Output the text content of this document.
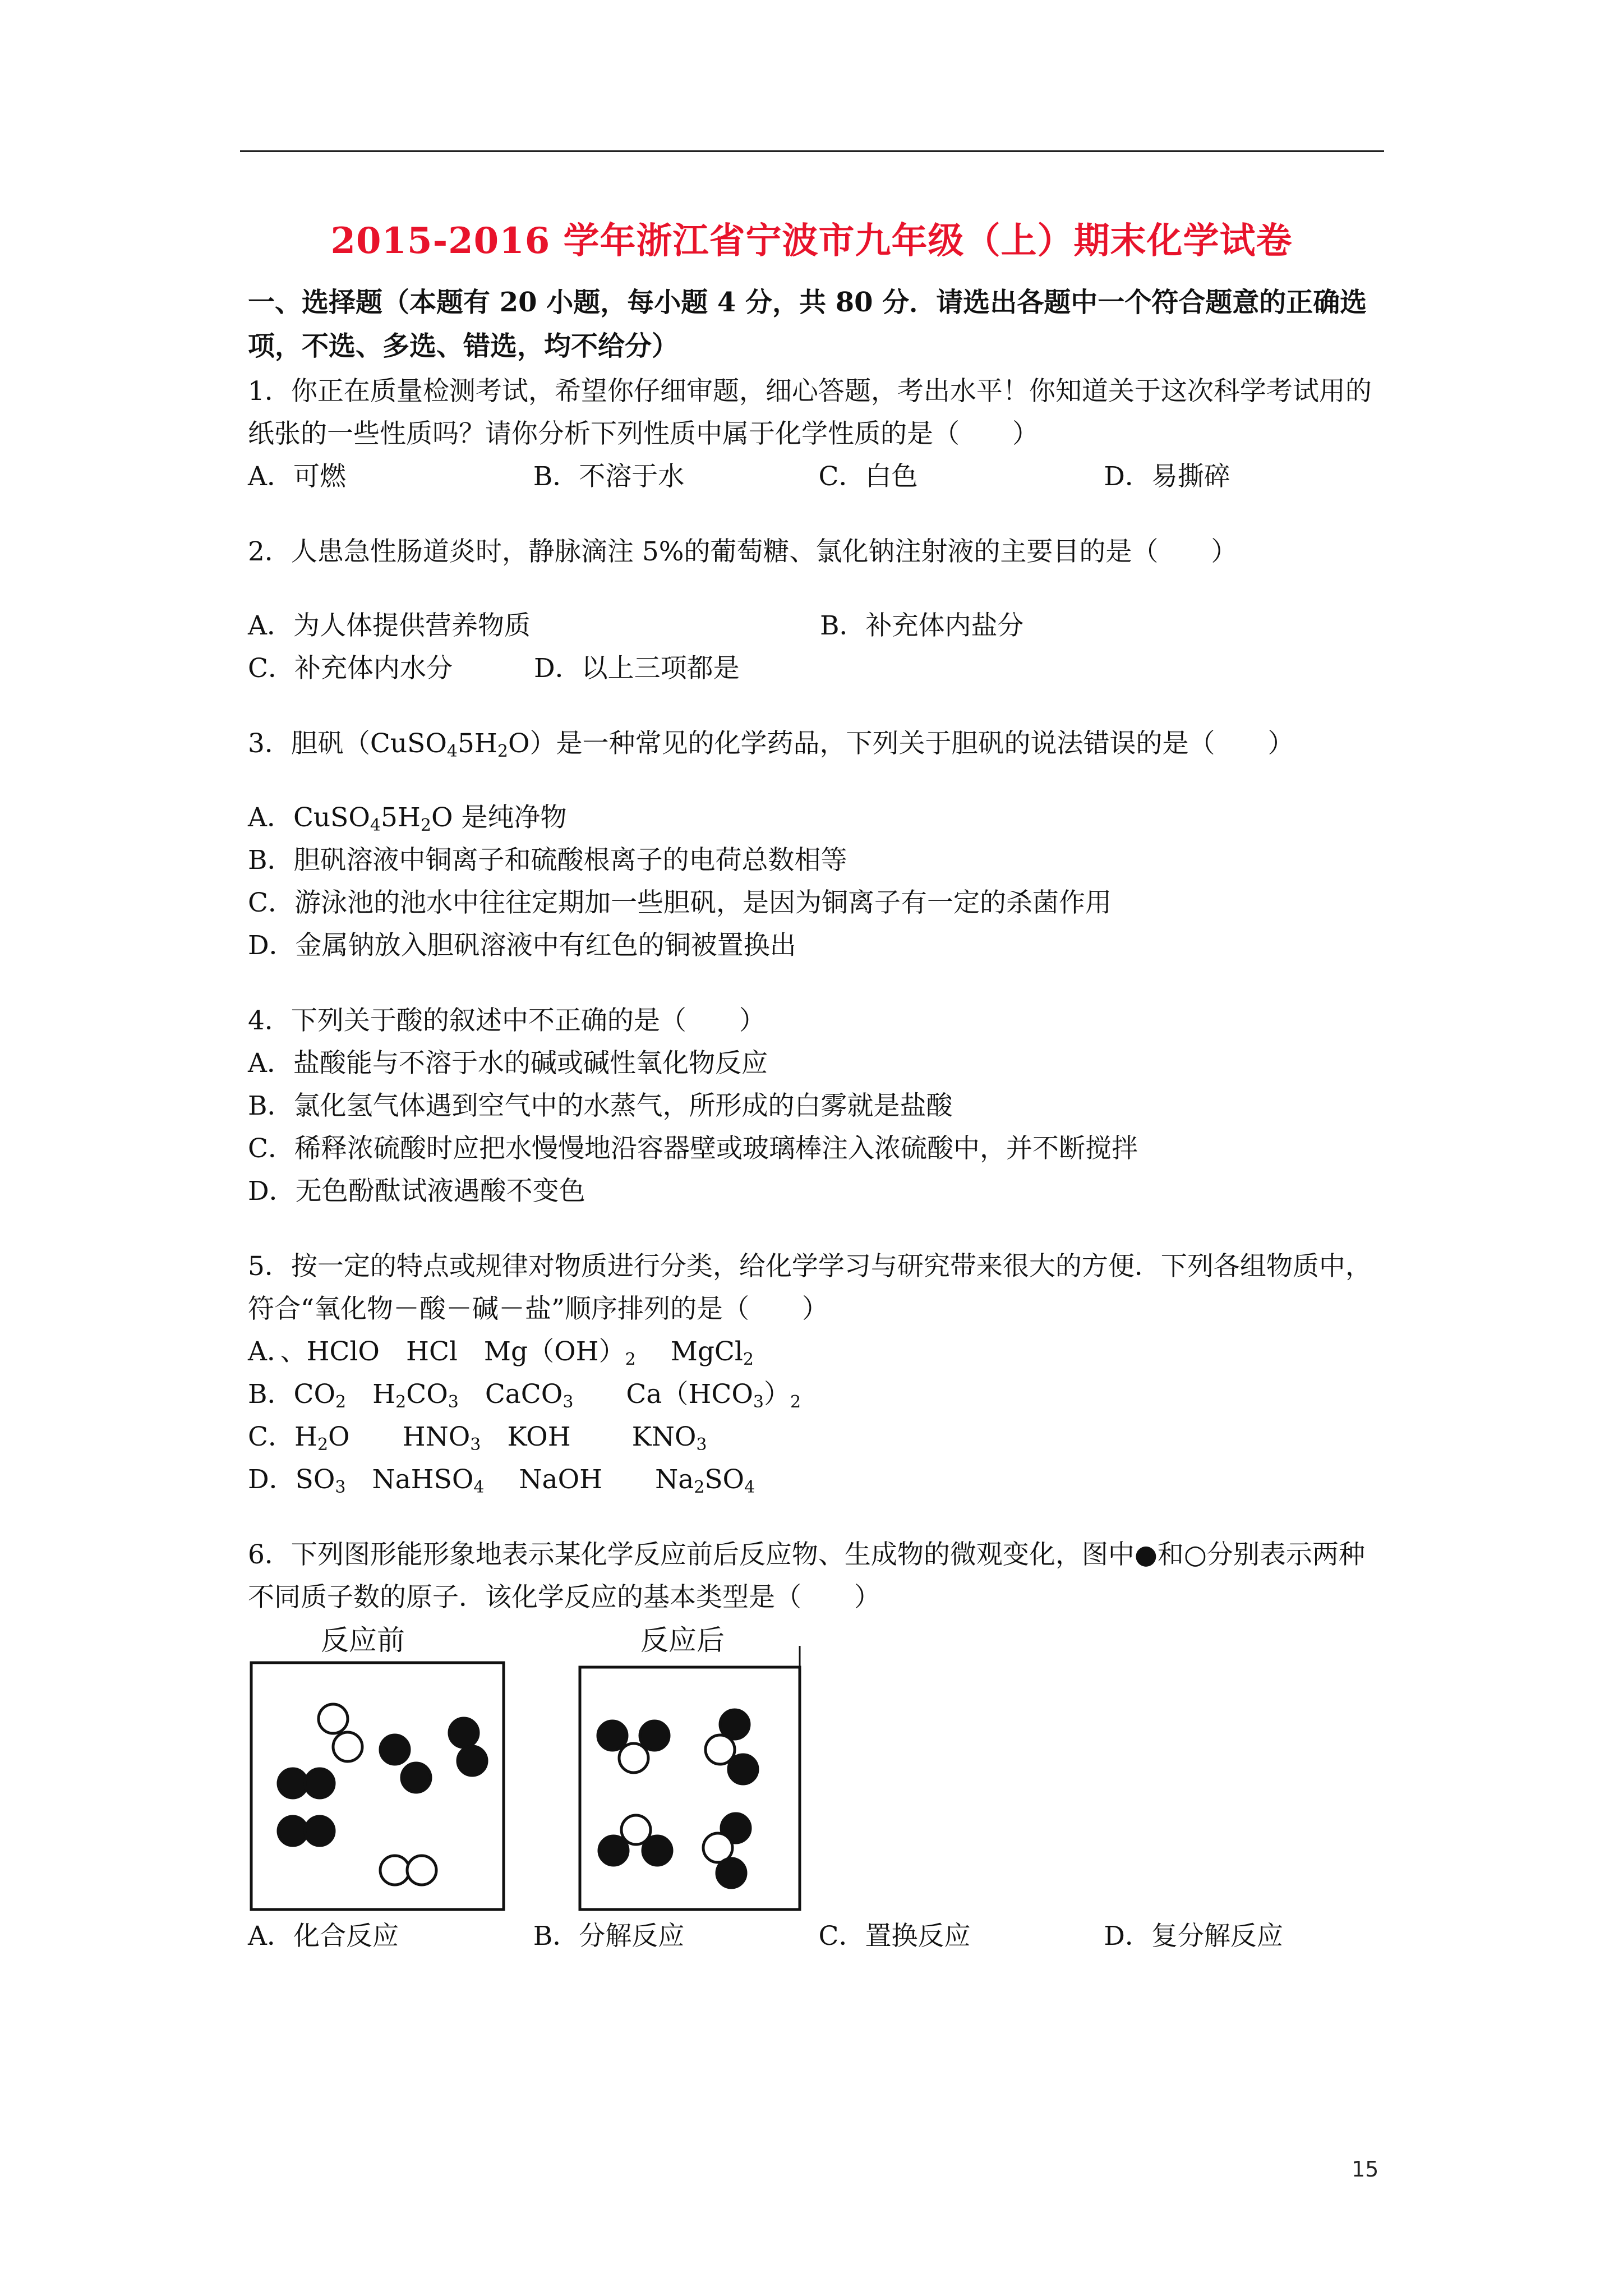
2015-2016 学年浙江省宁波市九年级（上）期末化学试卷
一、选择题（本题有 20 小题，每小题 4 分，共 80 分．请选出各题中一个符合题意的正确选项，不选、多选、错选，均不给分）
1．你正在质量检测考试，希望你仔细审题，细心答题，考出水平！你知道关于这次科学考试用的纸张的一些性质吗？请你分析下列性质中属于化学性质的是（　　）
A．可燃	B．不溶于水	C．白色	D．易撕碎
2．人患急性肠道炎时，静脉滴注 5%的葡萄糖、氯化钠注射液的主要目的是（　　）
A．为人体提供营养物质	B．补充体内盐分
C．补充体内水分	D．以上三项都是
3．胆矾$(CuSO_45H_2O)$是一种常见的化学药品，下列关于胆矾的说法错误的是（　　）
A．$CuSO_45H_2O$ 是纯净物
B．胆矾溶液中铜离子和硫酸根离子的电荷总数相等
C．游泳池的池水中往往定期加一些胆矾，是因为铜离子有一定的杀菌作用
D．金属钠放入胆矾溶液中有红色的铜被置换出
4．下列关于酸的叙述中不正确的是（　　）
A．盐酸能与不溶于水的碱或碱性氧化物反应
B．氯化氢气体遇到空气中的水蒸气，所形成的白雾就是盐酸
C．稀释浓硫酸时应把水慢慢地沿容器壁或玻璃棒注入浓硫酸中，并不断搅拌
D．无色酚酞试液遇酸不变色
5．按一定的特点或规律对物质进行分类，给化学学习与研究带来很大的方便．下列各组物质中，符合“氧化物－酸－碱－盐”顺序排列的是（　　）
A．、HClO　HCl　$Mg(OH)_2$　 MgCl$_2$
B．$CO_2$　$H_2CO_3$　CaCO$_3$　　$Ca(HCO_3)_2$
C．$H_2O$　　$HNO_3$　KOH　　 $KNO_3$
D．$SO_3$　NaHSO$_4$　 NaOH　　$Na_2SO_4$
6．下列图形能形象地表示某化学反应前后反应物、生成物的微观变化，图中●和○分别表示两种不同质子数的原子．该化学反应的基本类型是（　　）
反应前	反应后
A．化合反应	B．分解反应	C．置换反应	D．复分解反应
15
